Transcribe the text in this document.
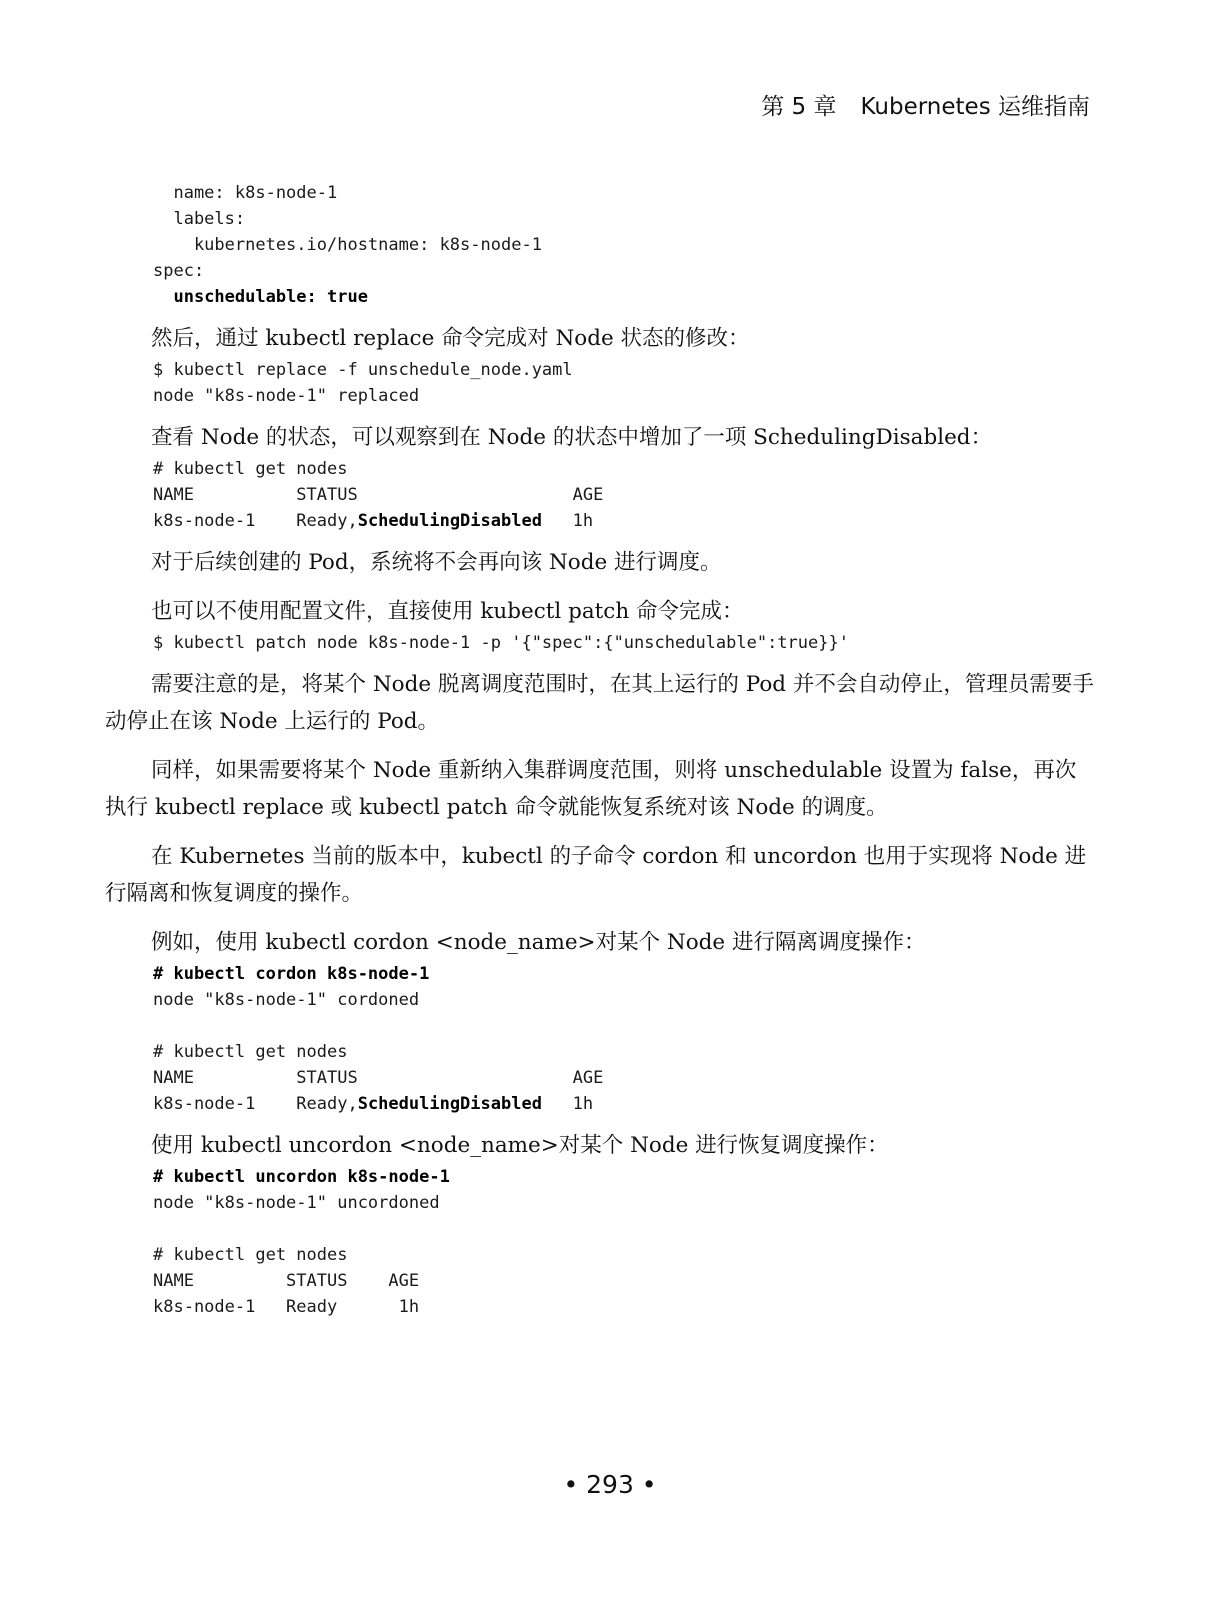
第 5 章 Kubernetes 运维指南
name: k8s-node-1
labels:
kubernetes.io/hostname: k8s-node-1
spec:
unschedulable: true

然后，通过 kubectl replace 命令完成对 Node 状态的修改：

$ kubectl replace -f unschedule_node.yaml
node "k8s-node-1" replaced

查看 Node 的状态，可以观察到在 Node 的状态中增加了一项 SchedulingDisabled：

# kubectl get nodes
NAME          STATUS                     AGE
k8s-node-1    Ready,SchedulingDisabled   1h

对于后续创建的 Pod，系统将不会再向该 Node 进行调度。

也可以不使用配置文件，直接使用 kubectl patch 命令完成：

$ kubectl patch node k8s-node-1 -p '{"spec":{"unschedulable":true}}'

需要注意的是，将某个 Node 脱离调度范围时，在其上运行的 Pod 并不会自动停止，管理员需要手动停止在该 Node 上运行的 Pod。

同样，如果需要将某个 Node 重新纳入集群调度范围，则将 unschedulable 设置为 false，再次执行 kubectl replace 或 kubectl patch 命令就能恢复系统对该 Node 的调度。

在 Kubernetes 当前的版本中，kubectl 的子命令 cordon 和 uncordon 也用于实现将 Node 进行隔离和恢复调度的操作。

例如，使用 kubectl cordon <node_name>对某个 Node 进行隔离调度操作：

# kubectl cordon k8s-node-1
node "k8s-node-1" cordoned

# kubectl get nodes
NAME          STATUS                     AGE
k8s-node-1    Ready,SchedulingDisabled   1h

使用 kubectl uncordon <node_name>对某个 Node 进行恢复调度操作：

# kubectl uncordon k8s-node-1
node "k8s-node-1" uncordoned

# kubectl get nodes
NAME         STATUS    AGE
k8s-node-1   Ready      1h
• 293 •
